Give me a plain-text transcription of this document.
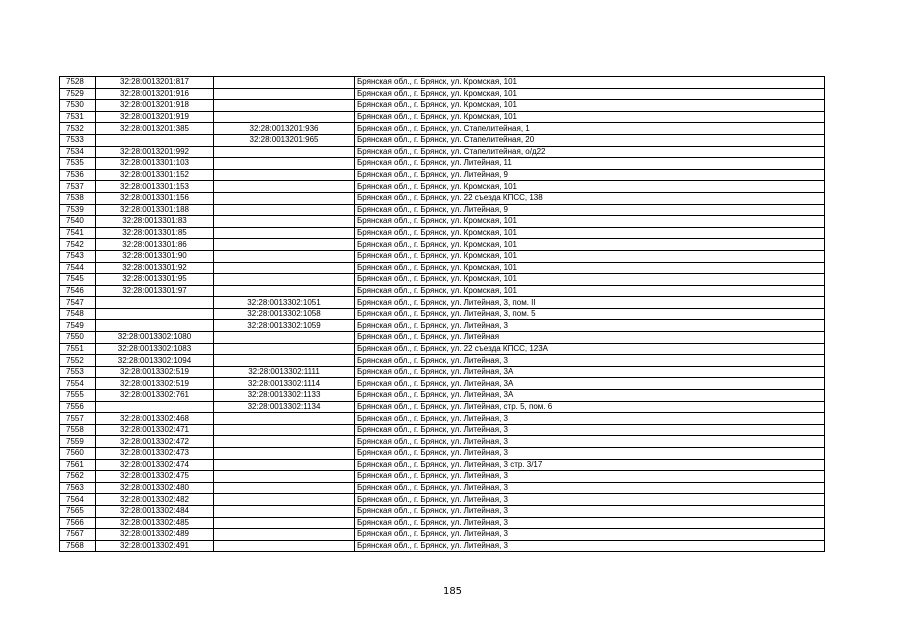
7528	32:28:0013201:817		Брянская обл., г. Брянск, ул. Кромская, 101
7529	32:28:0013201:916		Брянская обл., г. Брянск, ул. Кромская, 101
7530	32:28:0013201:918		Брянская обл., г. Брянск, ул. Кромская, 101
7531	32:28:0013201:919		Брянская обл., г. Брянск, ул. Кромская, 101
7532	32:28:0013201:385	32:28:0013201:936	Брянская обл., г. Брянск, ул. Стапелитейная, 1
7533		32:28:0013201:965	Брянская обл., г. Брянск, ул. Стапелитейная, 20
7534	32:28:0013201:992		Брянская обл., г. Брянск, ул. Стапелитейная, о/д22
7535	32:28:0013301:103		Брянская обл., г. Брянск, ул. Литейная, 11
7536	32:28:0013301:152		Брянская обл., г. Брянск, ул. Литейная, 9
7537	32:28:0013301:153		Брянская обл., г. Брянск, ул. Кромская, 101
7538	32:28:0013301:156		Брянская обл., г. Брянск, ул. 22 съезда КПСС, 138
7539	32:28:0013301:188		Брянская обл., г. Брянск, ул. Литейная, 9
7540	32:28:0013301:83		Брянская обл., г. Брянск, ул. Кромская, 101
7541	32:28:0013301:85		Брянская обл., г. Брянск, ул. Кромская, 101
7542	32:28:0013301:86		Брянская обл., г. Брянск, ул. Кромская, 101
7543	32:28:0013301:90		Брянская обл., г. Брянск, ул. Кромская, 101
7544	32:28:0013301:92		Брянская обл., г. Брянск, ул. Кромская, 101
7545	32:28:0013301:95		Брянская обл., г. Брянск, ул. Кромская, 101
7546	32:28:0013301:97		Брянская обл., г. Брянск, ул. Кромская, 101
7547		32:28:0013302:1051	Брянская обл., г. Брянск, ул. Литейная, 3, пом. II
7548		32:28:0013302:1058	Брянская обл., г. Брянск, ул. Литейная, 3, пом. 5
7549		32:28:0013302:1059	Брянская обл., г. Брянск, ул. Литейная, 3
7550	32:28:0013302:1080		Брянская обл., г. Брянск, ул. Литейная
7551	32:28:0013302:1083		Брянская обл., г. Брянск, ул. 22 съезда КПСС, 123А
7552	32:28:0013302:1094		Брянская обл., г. Брянск, ул. Литейная, 3
7553	32:28:0013302:519	32:28:0013302:1111	Брянская обл., г. Брянск, ул. Литейная, 3А
7554	32:28:0013302:519	32:28:0013302:1114	Брянская обл., г. Брянск, ул. Литейная, 3А
7555	32:28:0013302:761	32:28:0013302:1133	Брянская обл., г. Брянск, ул. Литейная, 3А
7556		32:28:0013302:1134	Брянская обл., г. Брянск, ул. Литейная, стр. 5, пом. 6
7557	32:28:0013302:468		Брянская обл., г. Брянск, ул. Литейная, 3
7558	32:28:0013302:471		Брянская обл., г. Брянск, ул. Литейная, 3
7559	32:28:0013302:472		Брянская обл., г. Брянск, ул. Литейная, 3
7560	32:28:0013302:473		Брянская обл., г. Брянск, ул. Литейная, 3
7561	32:28:0013302:474		Брянская обл., г. Брянск, ул. Литейная, 3 стр. 3/17
7562	32:28:0013302:475		Брянская обл., г. Брянск, ул. Литейная, 3
7563	32:28:0013302:480		Брянская обл., г. Брянск, ул. Литейная, 3
7564	32:28:0013302:482		Брянская обл., г. Брянск, ул. Литейная, 3
7565	32:28:0013302:484		Брянская обл., г. Брянск, ул. Литейная, 3
7566	32:28:0013302:485		Брянская обл., г. Брянск, ул. Литейная, 3
7567	32:28:0013302:489		Брянская обл., г. Брянск, ул. Литейная, 3
7568	32:28:0013302:491		Брянская обл., г. Брянск, ул. Литейная, 3
185
